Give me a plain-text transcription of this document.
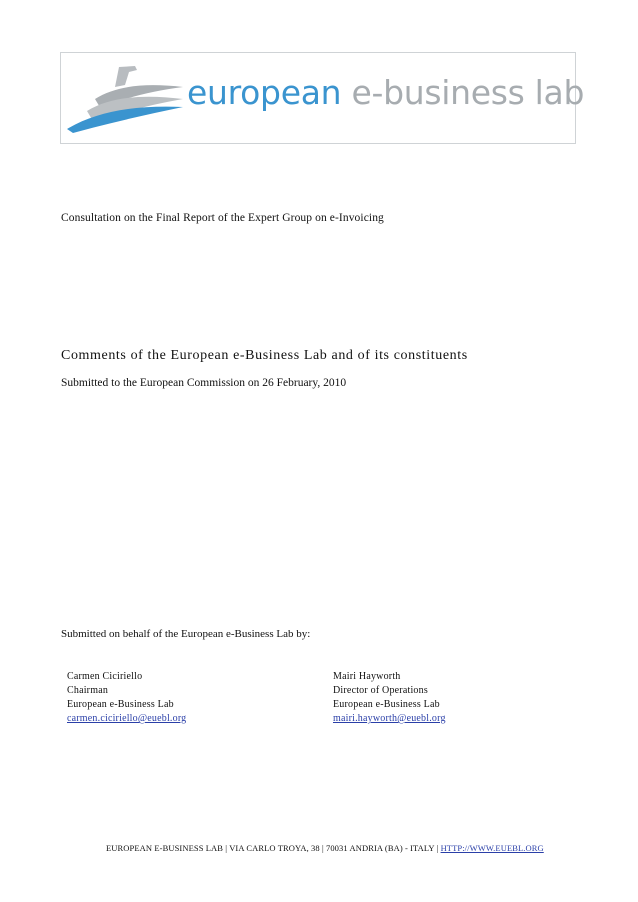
european e-business lab
Consultation on the Final Report of the Expert Group on e-Invoicing
Comments of the European e-Business Lab and of its constituents
Submitted to the European Commission on 26 February, 2010
Submitted on behalf of the European e-Business Lab by:
Carmen Ciciriello
Chairman
European e-Business Lab
carmen.ciciriello@euebl.org
Mairi Hayworth
Director of Operations
European e-Business Lab
mairi.hayworth@euebl.org
EUROPEAN E-BUSINESS LAB | VIA CARLO TROYA, 38 | 70031 ANDRIA (BA) - ITALY | HTTP://WWW.EUEBL.ORG
